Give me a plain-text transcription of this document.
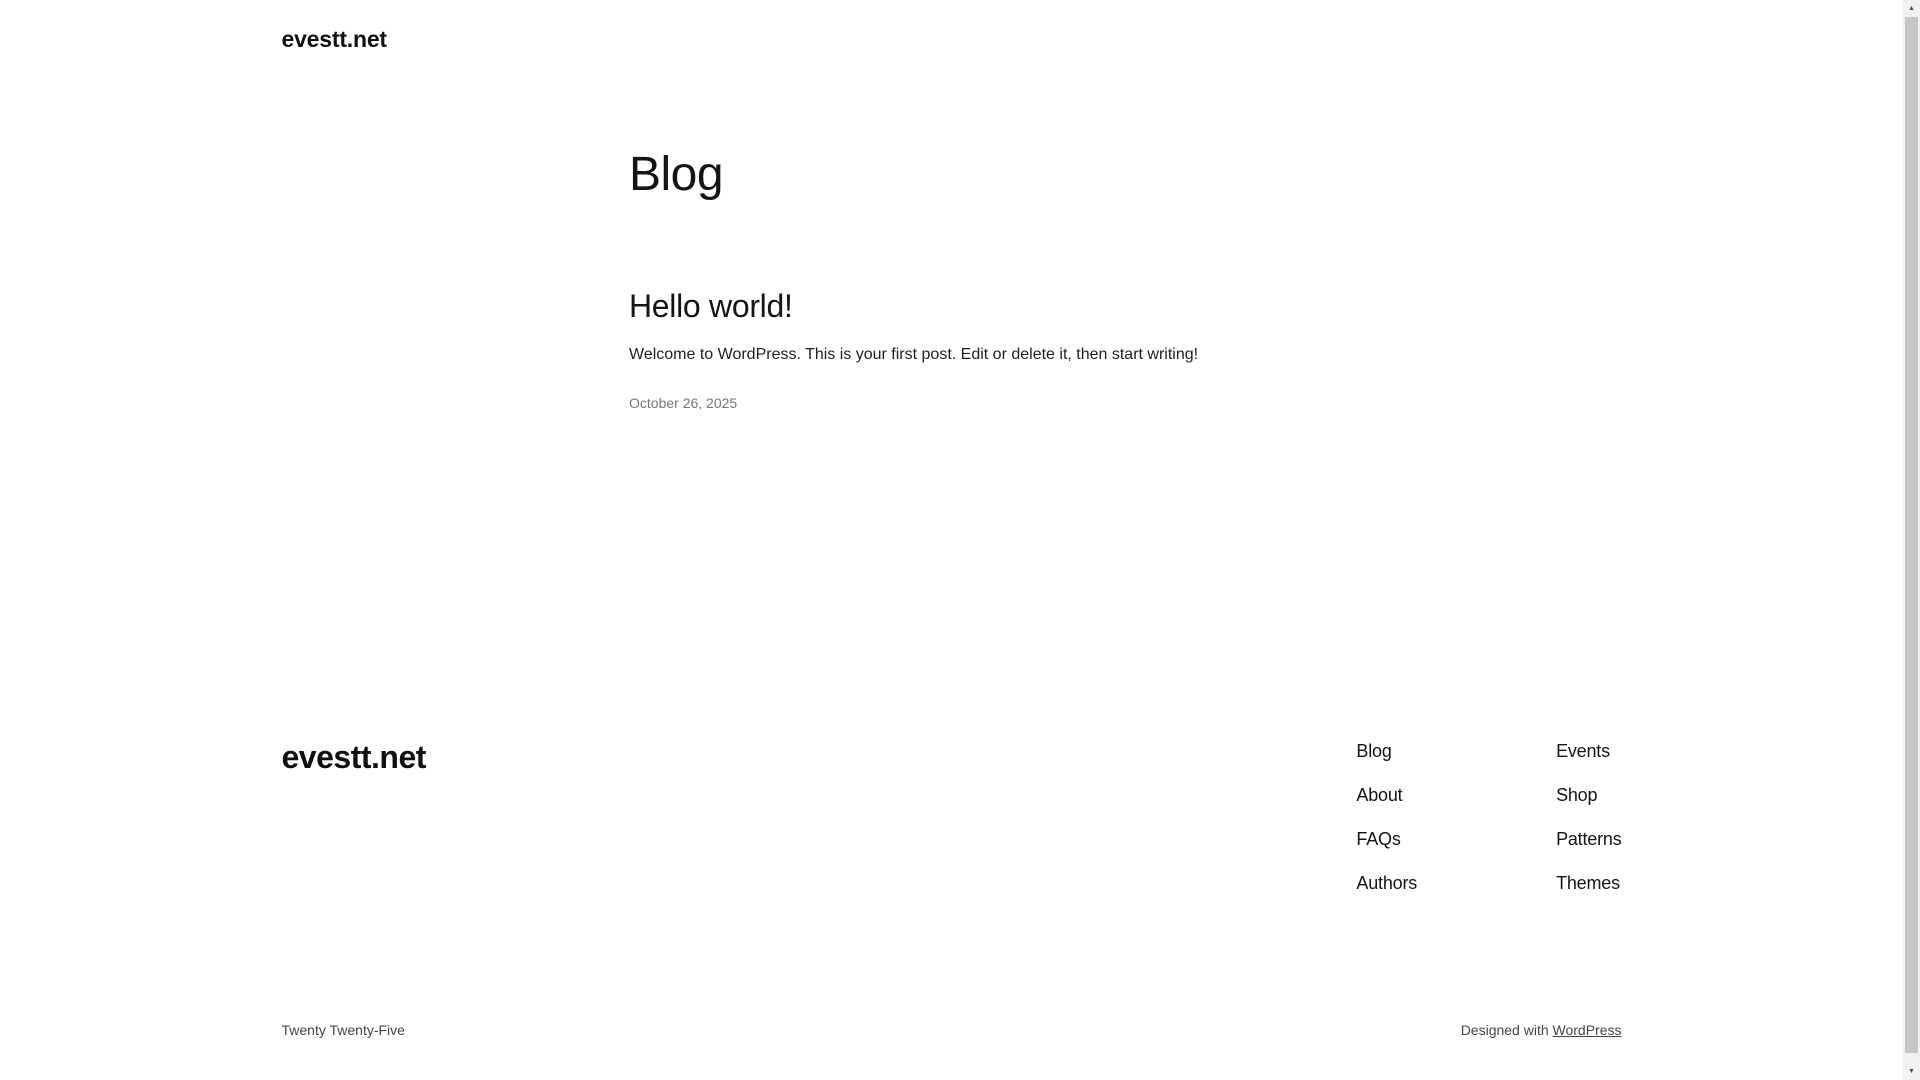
evestt.net
Blog
Hello world!

Welcome to WordPress. This is your first post. Edit or delete it, then start writing!

October 26, 2025
evestt.net	Blog
About
FAQs
Authors
Events
Shop
Patterns
Themes
Twenty Twenty-Five	Designed with WordPress
▲
▼
